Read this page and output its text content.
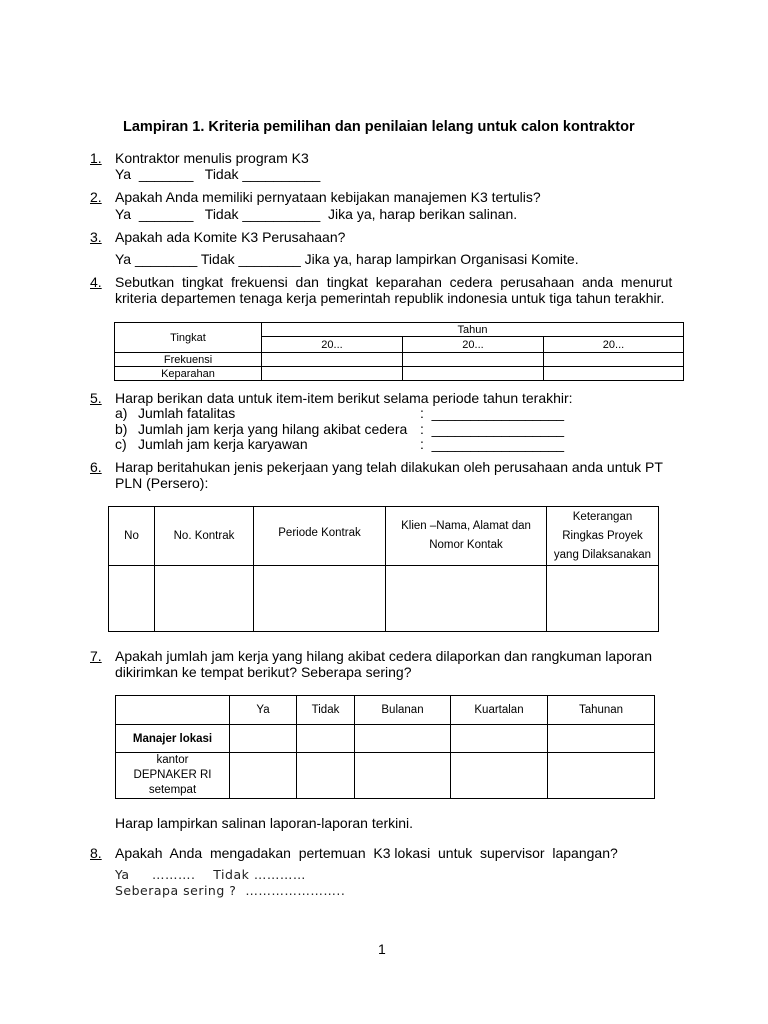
Lampiran 1. Kriteria pemilihan dan penilaian lelang untuk calon kontraktor
1. Kontraktor menulis program K3
Ya  _______   Tidak __________
2. Apakah Anda memiliki pernyataan kebijakan manajemen K3 tertulis?
Ya  _______   Tidak __________  Jika ya, harap berikan salinan.
3. Apakah ada Komite K3 Perusahaan?
Ya ________ Tidak ________ Jika ya, harap lampirkan Organisasi Komite.
4. Sebutkan  tingkat  frekuensi  dan  tingkat  keparahan  cedera  perusahaan  anda  menurut
kriteria departemen tenaga kerja pemerintah republik indonesia untuk tiga tahun terakhir.
Tingkat	Tahun		
	20...	20...	20...
Frekuensi			
Keparahan			
5. Harap berikan data untuk item-item berikut selama periode tahun terakhir:
a) Jumlah fatalitas	:  _________________
b) Jumlah jam kerja yang hilang akibat cedera :  _________________
c) Jumlah jam kerja karyawan	:  _________________
6. Harap beritahukan jenis pekerjaan yang telah dilakukan oleh perusahaan anda untuk PT
PLN (Persero):
No	No. Kontrak	Periode Kontrak	Klien –Nama, Alamat dan Nomor Kontak	Keterangan Ringkas Proyek yang Dilaksanakan

7. Apakah jumlah jam kerja yang hilang akibat cedera dilaporkan dan rangkuman laporan
dikirimkan ke tempat berikut? Seberapa sering?
	Ya	Tidak	Bulanan	Kuartalan	Tahunan
Manajer lokasi					
kantor DEPNAKER RI setempat					
Harap lampirkan salinan laporan-laporan terkini.
8. Apakah  Anda  mengadakan  pertemuan  K3 lokasi  untuk  supervisor  lapangan?
Ya     ……….    Tidak …………
Seberapa sering ?  …………………..
1
